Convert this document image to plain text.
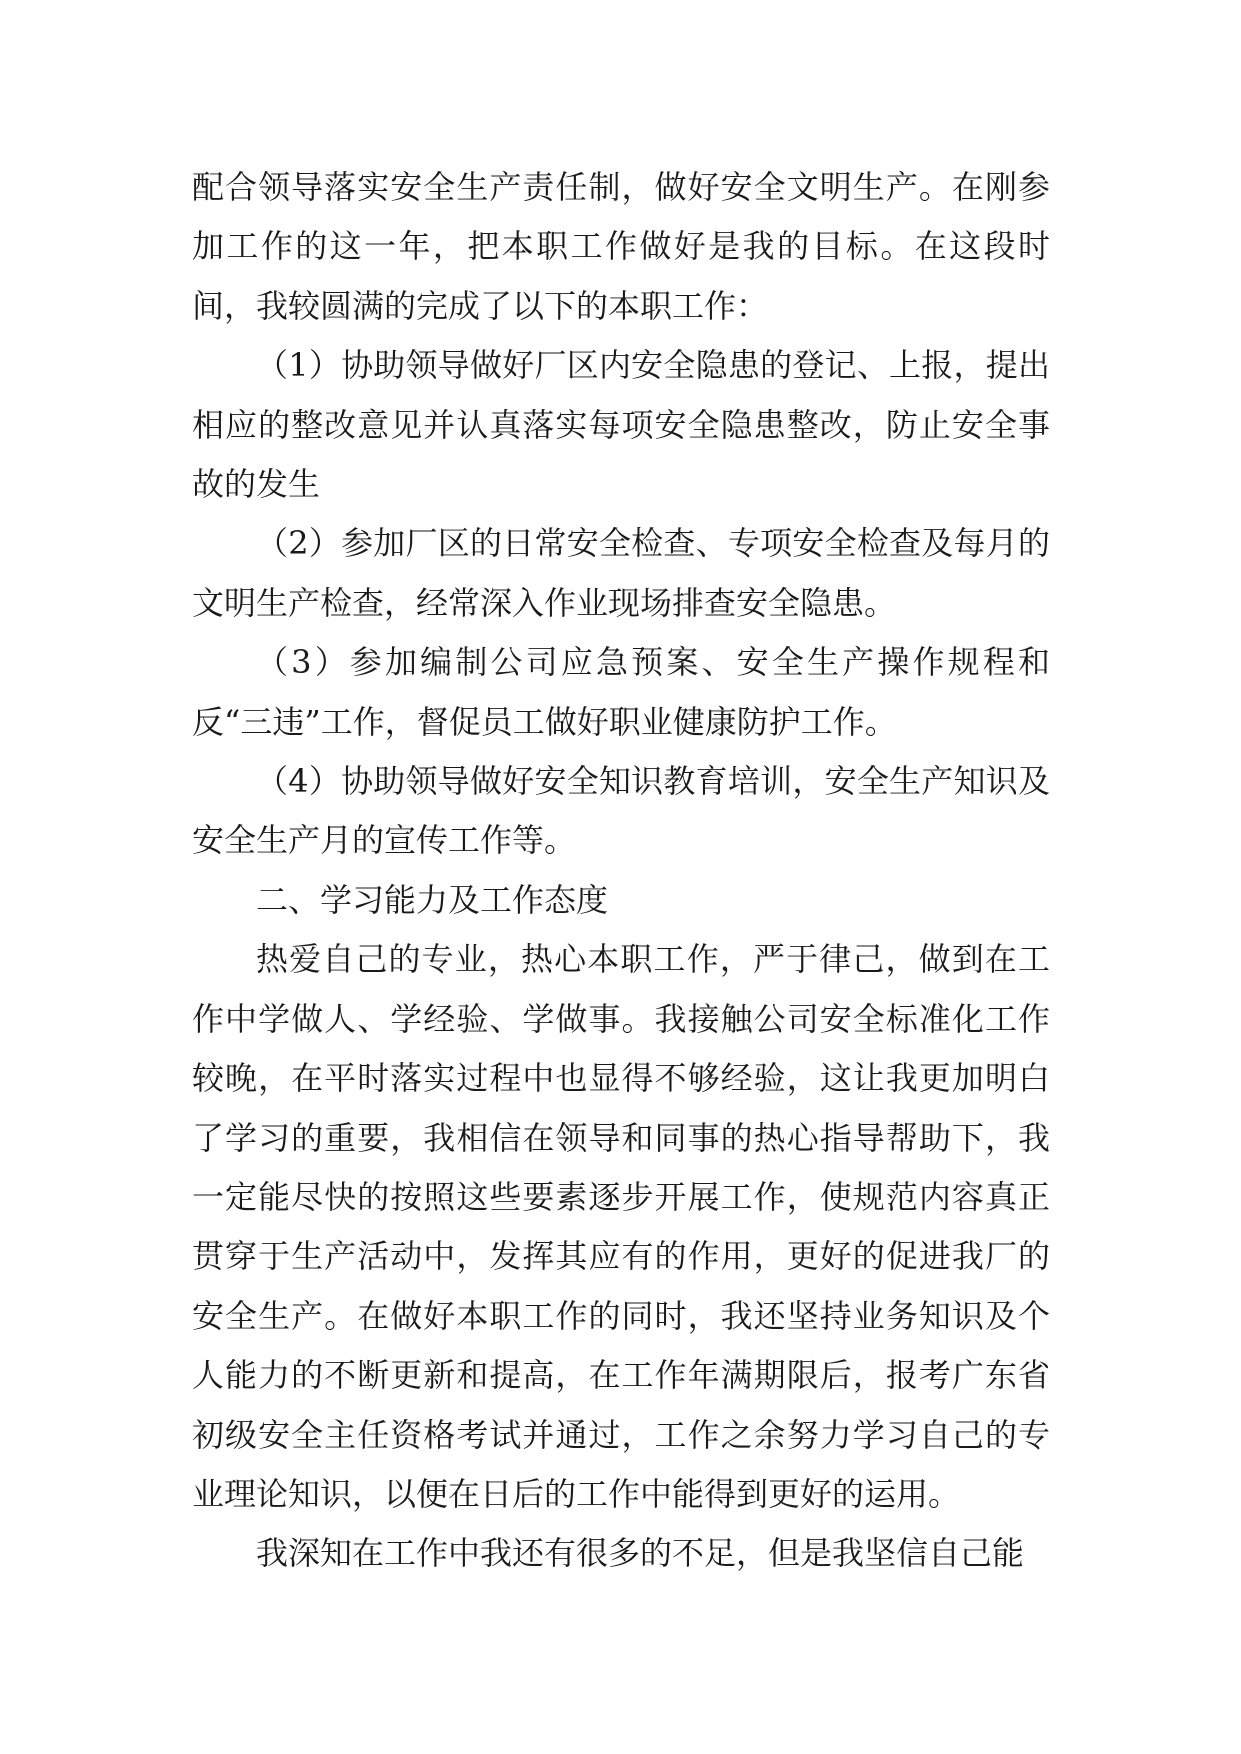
配合领导落实安全生产责任制，做好安全文明生产。在刚参加工作的这一年，把本职工作做好是我的目标。在这段时间，我较圆满的完成了以下的本职工作：

（1）协助领导做好厂区内安全隐患的登记、上报，提出相应的整改意见并认真落实每项安全隐患整改，防止安全事故的发生

（2）参加厂区的日常安全检查、专项安全检查及每月的文明生产检查，经常深入作业现场排查安全隐患。

（3）参加编制公司应急预案、安全生产操作规程和反“三违”工作，督促员工做好职业健康防护工作。

（4）协助领导做好安全知识教育培训，安全生产知识及安全生产月的宣传工作等。

二、学习能力及工作态度

热爱自己的专业，热心本职工作，严于律己，做到在工作中学做人、学经验、学做事。我接触公司安全标准化工作较晚，在平时落实过程中也显得不够经验，这让我更加明白了学习的重要，我相信在领导和同事的热心指导帮助下，我一定能尽快的按照这些要素逐步开展工作，使规范内容真正贯穿于生产活动中，发挥其应有的作用，更好的促进我厂的安全生产。在做好本职工作的同时，我还坚持业务知识及个人能力的不断更新和提高，在工作年满期限后，报考广东省初级安全主任资格考试并通过，工作之余努力学习自己的专业理论知识，以便在日后的工作中能得到更好的运用。

我深知在工作中我还有很多的不足，但是我坚信自己能
